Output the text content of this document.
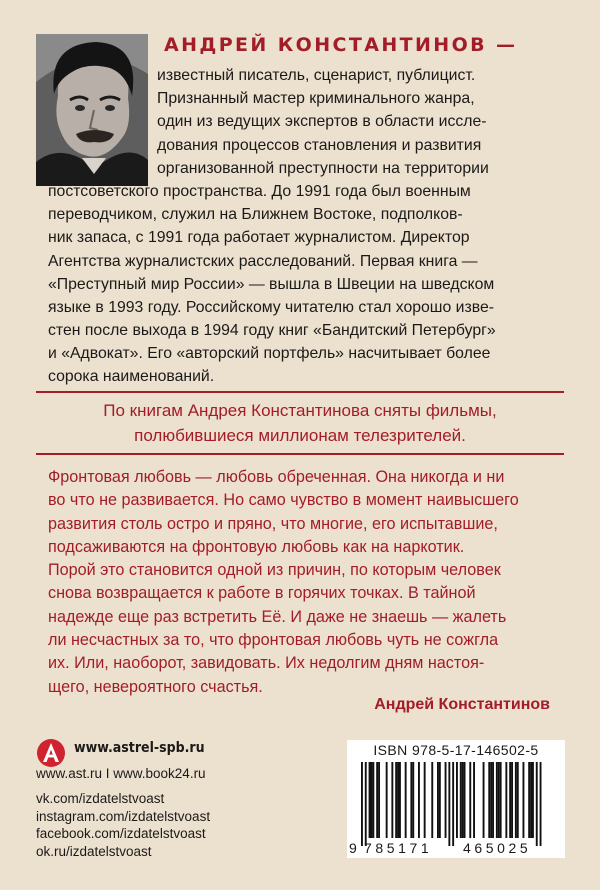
АНДРЕЙ КОНСТАНТИНОВ —
известный писатель, сценарист, публицист.
Признанный мастер криминального жанра,
один из ведущих экспертов в области иссле-
дования процессов становления и развития
организованной преступности на территории
постсоветского пространства. До 1991 года был военным
переводчиком, служил на Ближнем Востоке, подполков-
ник запаса, с 1991 года работает журналистом. Директор
Агентства журналистских расследований. Первая книга —
«Преступный мир России» — вышла в Швеции на шведском
языке в 1993 году. Российскому читателю стал хорошо изве-
стен после выхода в 1994 году книг «Бандитский Петербург»
и «Адвокат». Его «авторский портфель» насчитывает более
сорока наименований.
По книгам Андрея Константинова сняты фильмы,
полюбившиеся миллионам телезрителей.
Фронтовая любовь — любовь обреченная. Она никогда и ни
во что не развивается. Но само чувство в момент наивысшего
развития столь остро и пряно, что многие, его испытавшие,
подсаживаются на фронтовую любовь как на наркотик.
Порой это становится одной из причин, по которым человек
снова возвращается к работе в горячих точках. В тайной
надежде еще раз встретить Её. И даже не знаешь — жалеть
ли несчастных за то, что фронтовая любовь чуть не сожгла
их. Или, наоборот, завидовать. Их недолгим дням настоя-
щего, невероятного счастья.
Андрей Константинов
www.astrel-spb.ru
www.ast.ru I www.book24.ru
vk.com/izdatelstvoast
instagram.com/izdatelstvoast
facebook.com/izdatelstvoast
ok.ru/izdatelstvoast
ISBN 978-5-17-146502-5
9 785171 465025
